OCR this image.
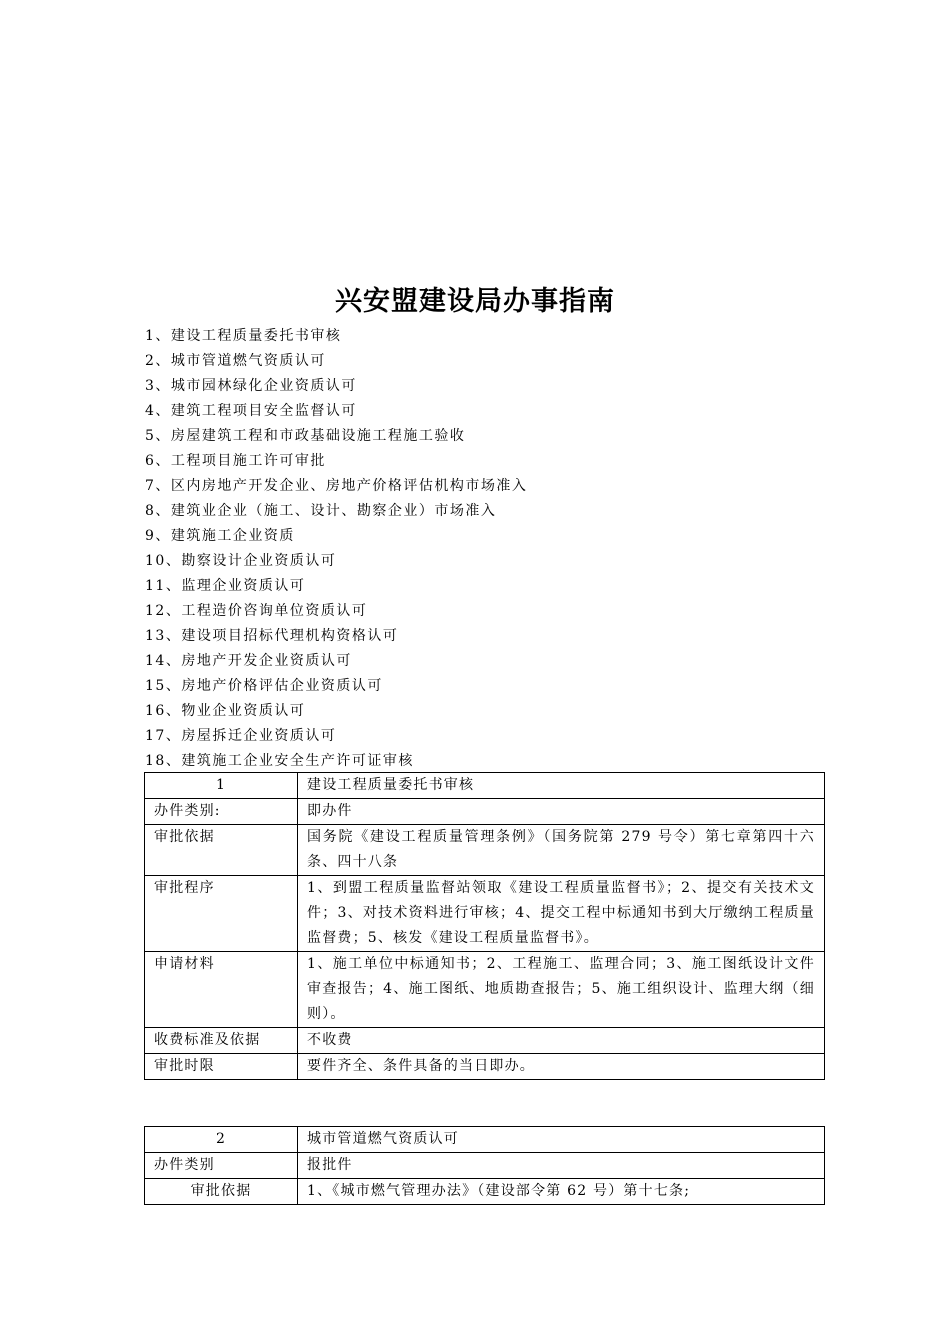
兴安盟建设局办事指南
1、建设工程质量委托书审核
2、城市管道燃气资质认可
3、城市园林绿化企业资质认可
4、建筑工程项目安全监督认可
5、房屋建筑工程和市政基础设施工程施工验收
6、工程项目施工许可审批
7、区内房地产开发企业、房地产价格评估机构市场准入
8、建筑业企业（施工、设计、勘察企业）市场准入
9、建筑施工企业资质
10、勘察设计企业资质认可
11、监理企业资质认可
12、工程造价咨询单位资质认可
13、建设项目招标代理机构资格认可
14、房地产开发企业资质认可
15、房地产价格评估企业资质认可
16、物业企业资质认可
17、房屋拆迁企业资质认可
18、建筑施工企业安全生产许可证审核
1	建设工程质量委托书审核
办件类别:	即办件
审批依据	国务院《建设工程质量管理条例》（国务院第 279 号令）第七章第四十六条、四十八条
审批程序	1、到盟工程质量监督站领取《建设工程质量监督书》；2、提交有关技术文件；3、对技术资料进行审核；4、提交工程中标通知书到大厅缴纳工程质量监督费；5、核发《建设工程质量监督书》。
申请材料	1、施工单位中标通知书；2、工程施工、监理合同；3、施工图纸设计文件审查报告；4、施工图纸、地质勘查报告；5、施工组织设计、监理大纲（细则）。
收费标准及依据	不收费
审批时限	要件齐全、条件具备的当日即办。
2	城市管道燃气资质认可
办件类别	报批件
审批依据	1、《城市燃气管理办法》（建设部令第 62 号）第十七条;
